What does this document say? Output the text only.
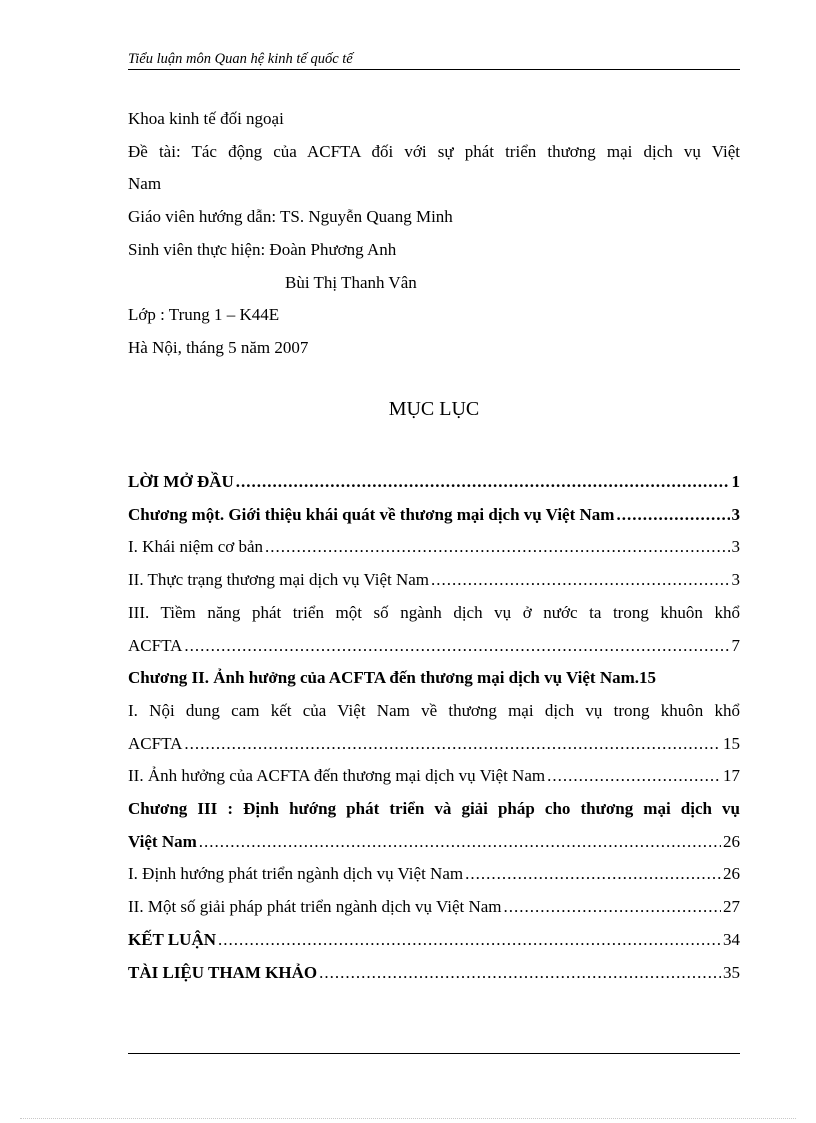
Tiểu luận môn Quan hệ kinh tế quốc tế
Khoa kinh tế đối ngoại
Đề tài: Tác động của ACFTA đối với sự phát triển thương mại dịch vụ Việt
Nam
Giáo viên hướng dẫn: TS. Nguyễn Quang Minh
Sinh viên thực hiện: Đoàn Phương Anh
Bùi Thị Thanh Vân
Lớp : Trung 1 – K44E
Hà Nội, tháng 5 năm 2007
MỤC LỤC
LỜI MỞ ĐẦU .....	1
Chương một. Giới thiệu khái quát về thương mại dịch vụ Việt Nam .....	3
I. Khái niệm cơ bản .....	3
II. Thực trạng thương mại dịch vụ Việt Nam .....	3
III. Tiềm năng phát triển một số ngành dịch vụ ở nước ta trong khuôn khổ
ACFTA .....	7
Chương II. Ảnh hưởng của ACFTA đến thương mại dịch vụ Việt Nam .15
I. Nội dung cam kết của Việt Nam về thương mại dịch vụ trong khuôn khổ
ACFTA .....	15
II. Ảnh hưởng của ACFTA đến thương mại dịch vụ Việt Nam .....	17
Chương III : Định hướng phát triển và giải pháp cho thương mại dịch vụ
Việt Nam .....	26
I. Định hướng phát triển ngành dịch vụ Việt Nam .....	26
II. Một số giải pháp phát triển ngành dịch vụ Việt Nam .....	27
KẾT LUẬN .....	34
TÀI LIỆU THAM KHẢO .....	35
